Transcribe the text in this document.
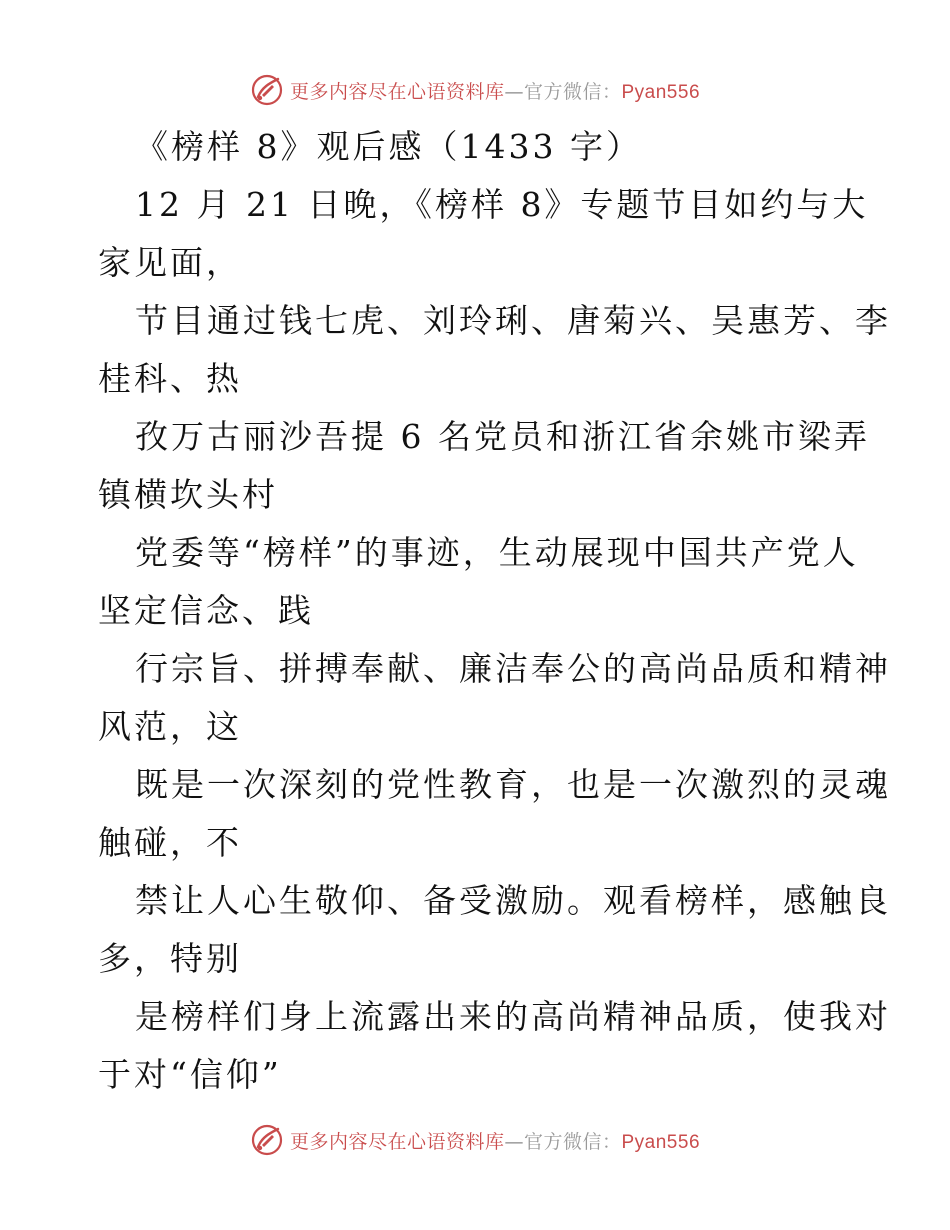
更多内容尽在心语资料库—官方微信：Pyan556
《榜样 8》观后感（1433 字）
12 月 21 日晚，《榜样 8》专题节目如约与大
家见面，
节目通过钱七虎、刘玲琍、唐菊兴、吴惠芳、李
桂科、热
孜万古丽沙吾提 6 名党员和浙江省余姚市梁弄
镇横坎头村
党委等“榜样”的事迹，生动展现中国共产党人
坚定信念、践
行宗旨、拼搏奉献、廉洁奉公的高尚品质和精神
风范，这
既是一次深刻的党性教育，也是一次激烈的灵魂
触碰，不
禁让人心生敬仰、备受激励。观看榜样，感触良
多，特别
是榜样们身上流露出来的高尚精神品质，使我对
于对“信仰”
更多内容尽在心语资料库—官方微信：Pyan556
